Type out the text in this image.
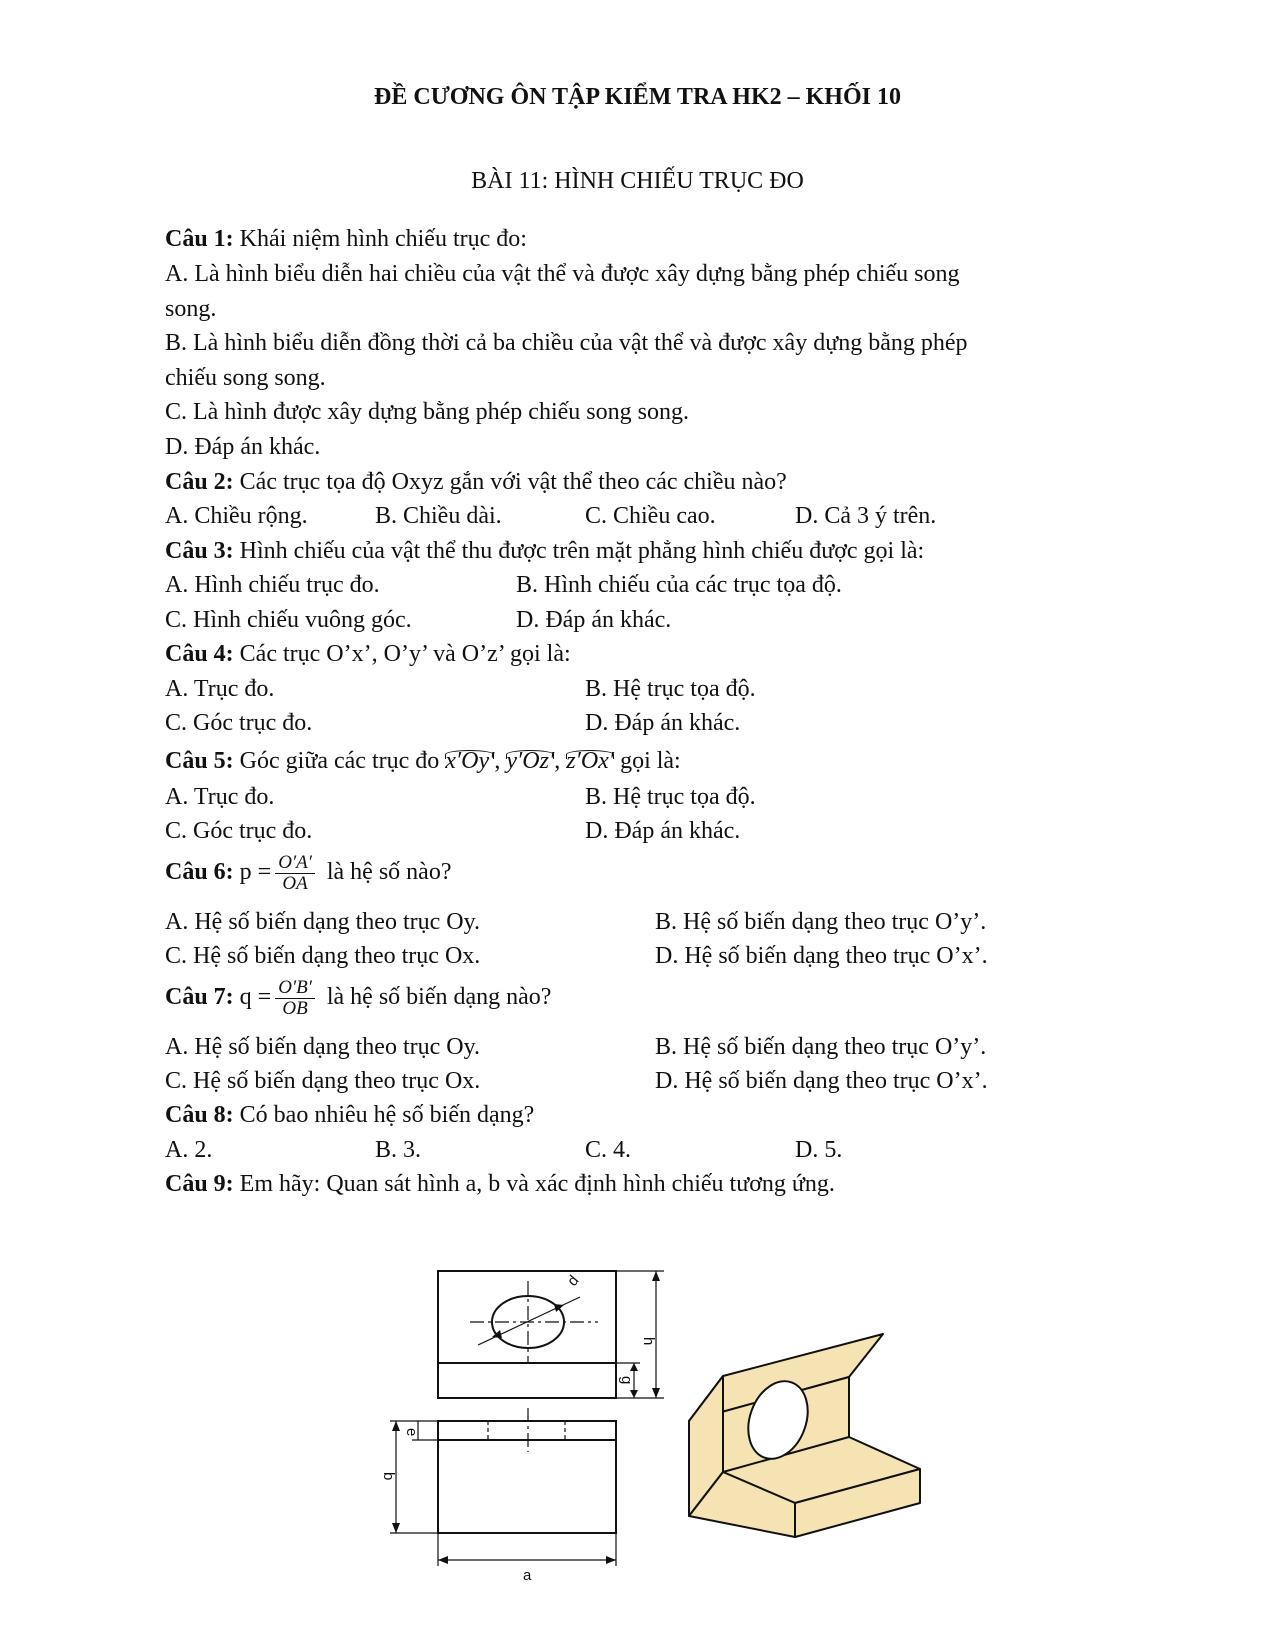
ĐỀ CƯƠNG ÔN TẬP KIỂM TRA HK2 – KHỐI 10
BÀI 11: HÌNH CHIẾU TRỤC ĐO
Câu 1: Khái niệm hình chiếu trục đo:
A. Là hình biểu diễn hai chiều của vật thể và được xây dựng bằng phép chiếu song
song.
B. Là hình biểu diễn đồng thời cả ba chiều của vật thể và được xây dựng bằng phép
chiếu song song.
C. Là hình được xây dựng bằng phép chiếu song song.
D. Đáp án khác.
Câu 2: Các trục tọa độ Oxyz gắn với vật thể theo các chiều nào?
A. Chiều rộng.	B. Chiều dài.	C. Chiều cao.	D. Cả 3 ý trên.
Câu 3: Hình chiếu của vật thể thu được trên mặt phẳng hình chiếu được gọi là:
A. Hình chiếu trục đo.	B. Hình chiếu của các trục tọa độ.
C. Hình chiếu vuông góc.	D. Đáp án khác.
Câu 4: Các trục O’x’, O’y’ và O’z’ gọi là:
A. Trục đo.	B. Hệ trục tọa độ.
C. Góc trục đo.	D. Đáp án khác.
Câu 5: Góc giữa các trục đo x′Oy′, y′Oz′, z′Ox′ gọi là:
A. Trục đo.	B. Hệ trục tọa độ.
C. Góc trục đo.	D. Đáp án khác.
Câu 6: $p = \frac{O'A'}{OA}$ là hệ số nào?
A. Hệ số biến dạng theo trục Oy.	B. Hệ số biến dạng theo trục O’y’.
C. Hệ số biến dạng theo trục Ox.	D. Hệ số biến dạng theo trục O’x’.
Câu 7: $q = \frac{O'B'}{OB}$ là hệ số biến dạng nào?
A. Hệ số biến dạng theo trục Oy.	B. Hệ số biến dạng theo trục O’y’.
C. Hệ số biến dạng theo trục Ox.	D. Hệ số biến dạng theo trục O’x’.
Câu 8: Có bao nhiêu hệ số biến dạng?
A. 2.	B. 3.	C. 4.	D. 5.
Câu 9: Em hãy: Quan sát hình a, b và xác định hình chiếu tương ứng.
d
h
g
e
b
a
